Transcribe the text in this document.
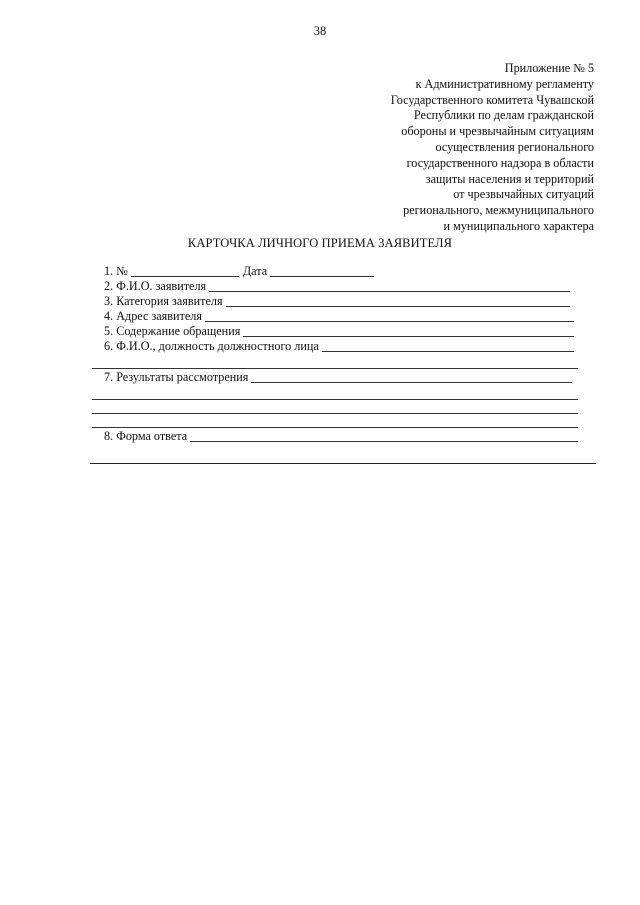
38
Приложение № 5
к Административному регламенту
Государственного комитета Чувашской
Республики по делам гражданской
обороны и чрезвычайным ситуациям
осуществления регионального
государственного надзора в области
защиты населения и территорий
от чрезвычайных ситуаций
регионального, межмуниципального
и муниципального характера
КАРТОЧКА ЛИЧНОГО ПРИЕМА ЗАЯВИТЕЛЯ
1. №	Дата
2. Ф.И.О. заявителя
3. Категория заявителя
4. Адрес заявителя
5. Содержание обращения
6. Ф.И.О., должность должностного лица
7. Результаты рассмотрения
8. Форма ответа
